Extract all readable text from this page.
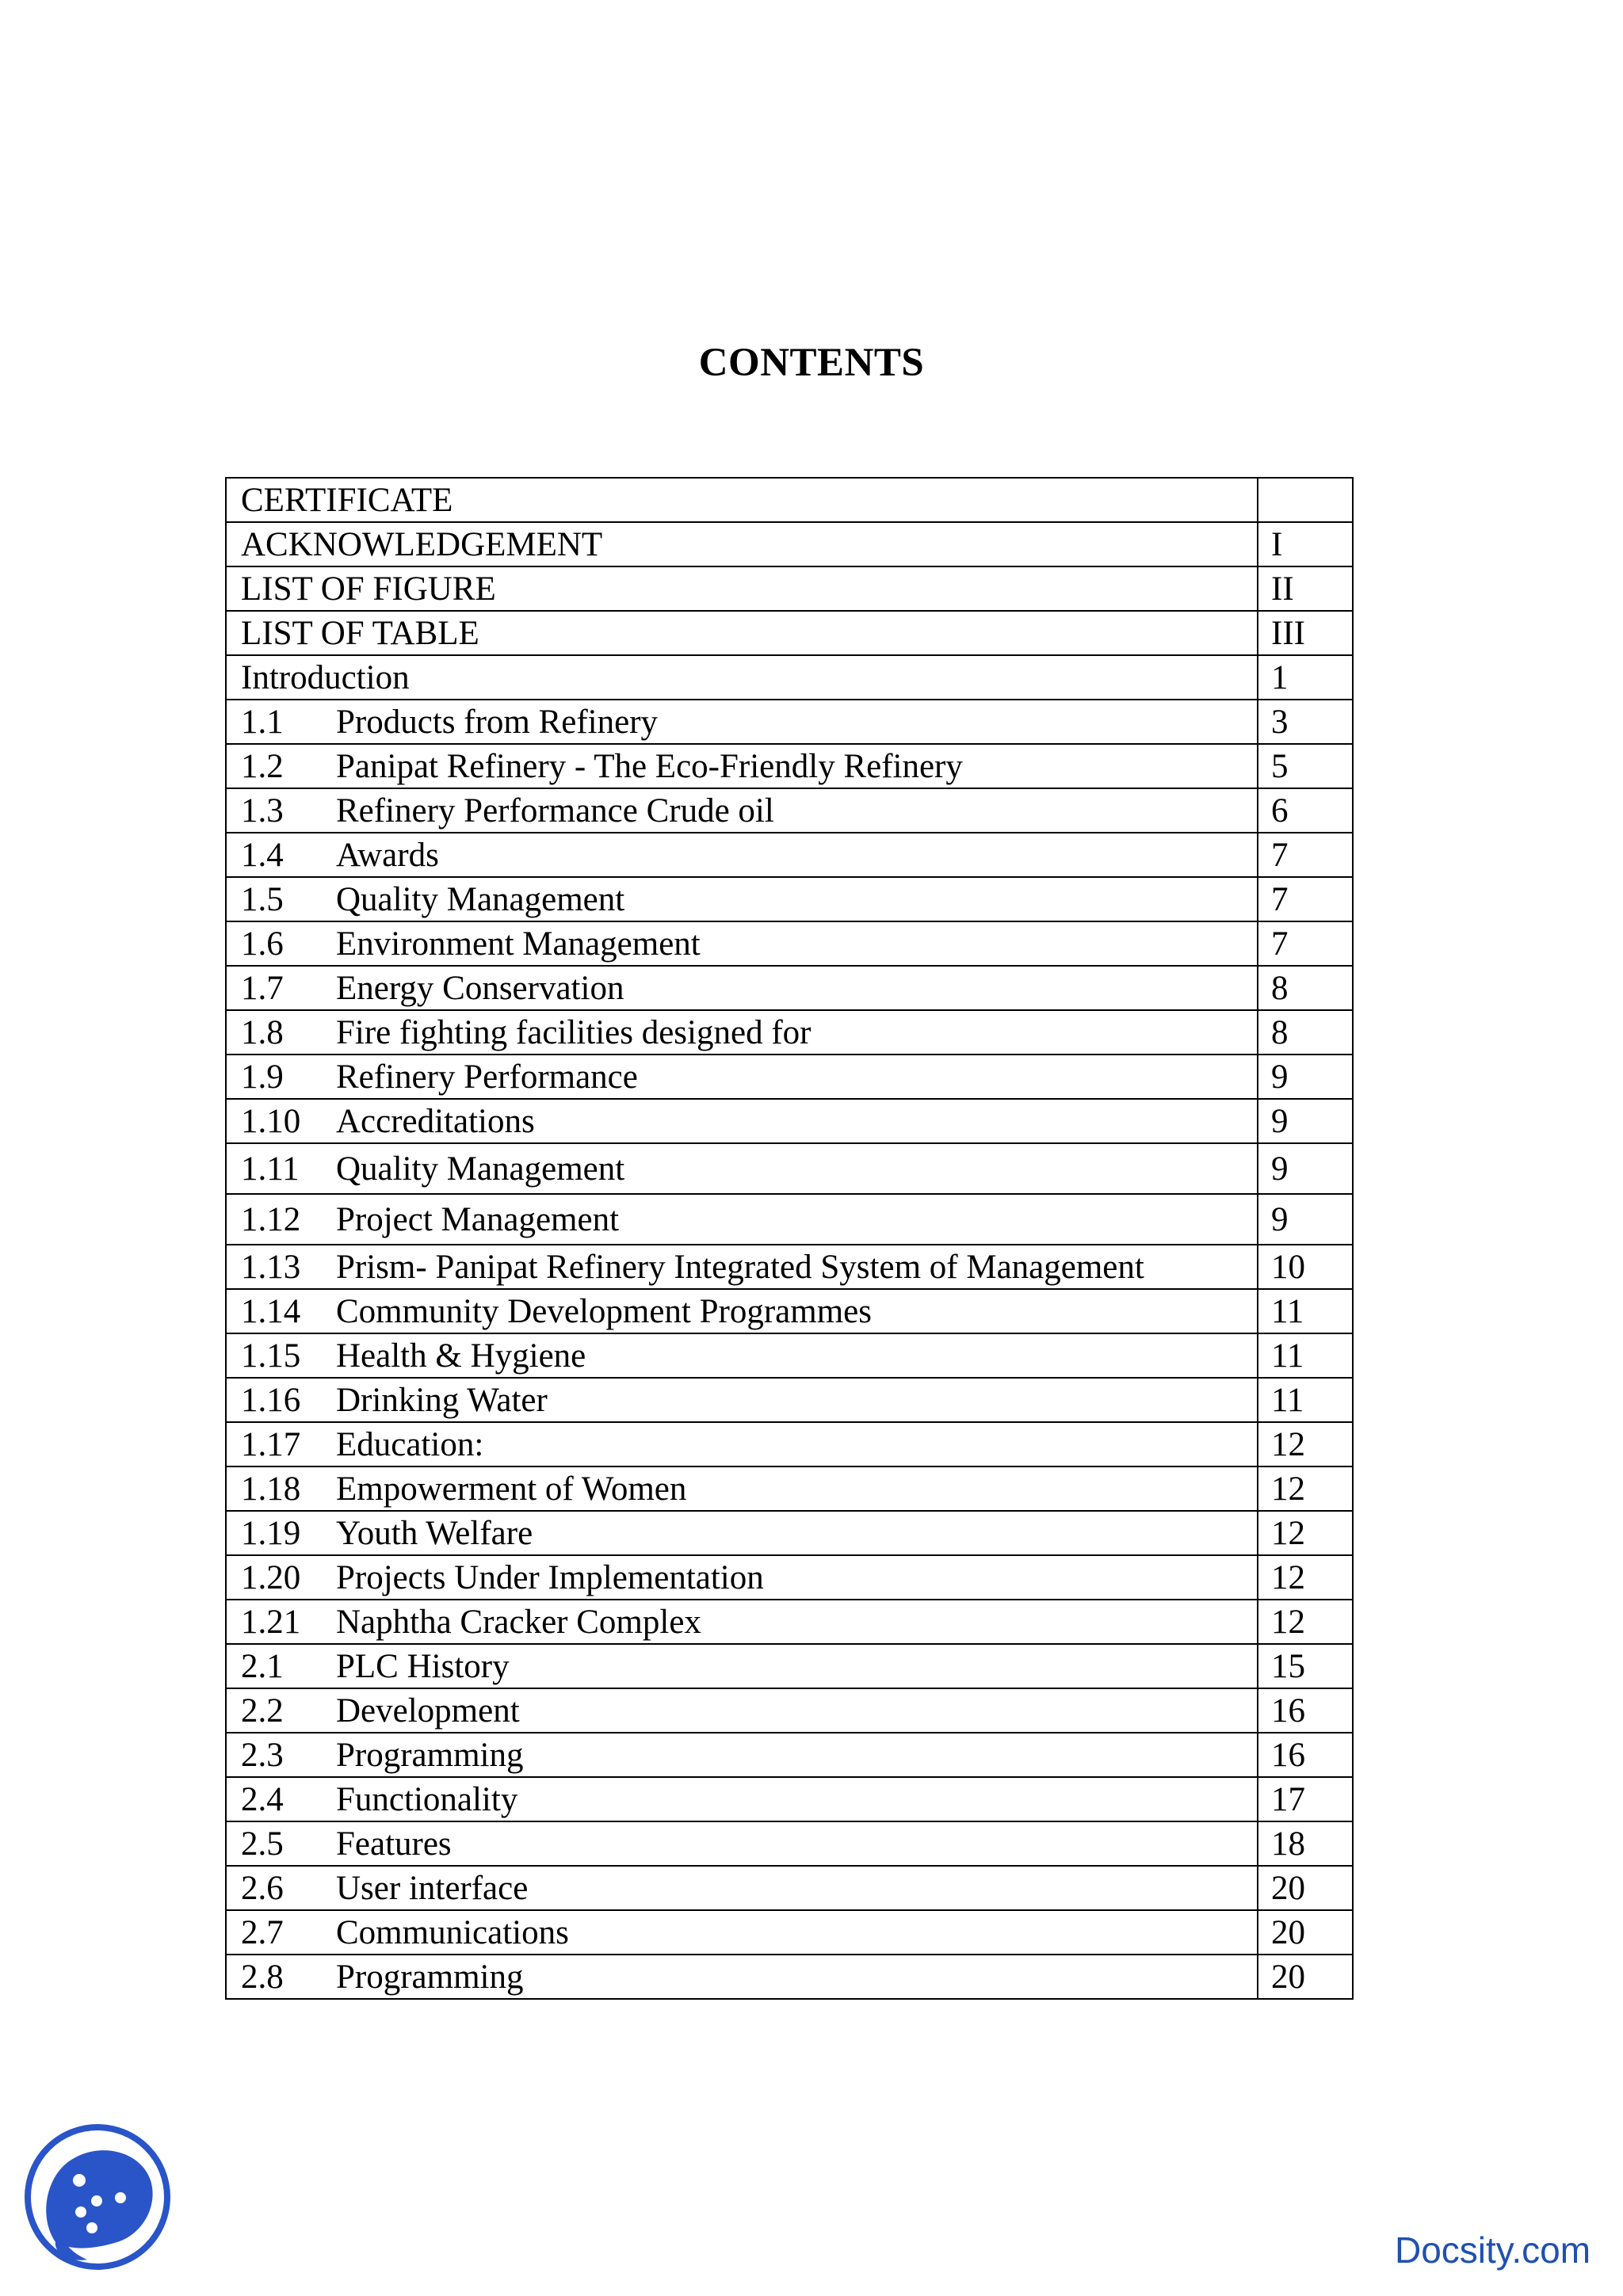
CONTENTS
CERTIFICATE	
ACKNOWLEDGEMENT	I
LIST OF FIGURE	II
LIST OF TABLE	III
Introduction	1
1.1 Products from Refinery	3
1.2 Panipat Refinery - The Eco-Friendly Refinery	5
1.3 Refinery Performance Crude oil	6
1.4 Awards	7
1.5 Quality Management	7
1.6 Environment Management	7
1.7 Energy Conservation	8
1.8 Fire fighting facilities designed for	8
1.9 Refinery Performance	9
1.10 Accreditations	9
1.11 Quality Management	9
1.12 Project Management	9
1.13 Prism- Panipat Refinery Integrated System of Management	10
1.14 Community Development Programmes	11
1.15 Health & Hygiene	11
1.16 Drinking Water	11
1.17 Education:	12
1.18 Empowerment of Women	12
1.19 Youth Welfare	12
1.20 Projects Under Implementation	12
1.21 Naphtha Cracker Complex	12
2.1 PLC History	15
2.2 Development	16
2.3 Programming	16
2.4 Functionality	17
2.5 Features	18
2.6 User interface	20
2.7 Communications	20
2.8 Programming	20
Docsity.com
